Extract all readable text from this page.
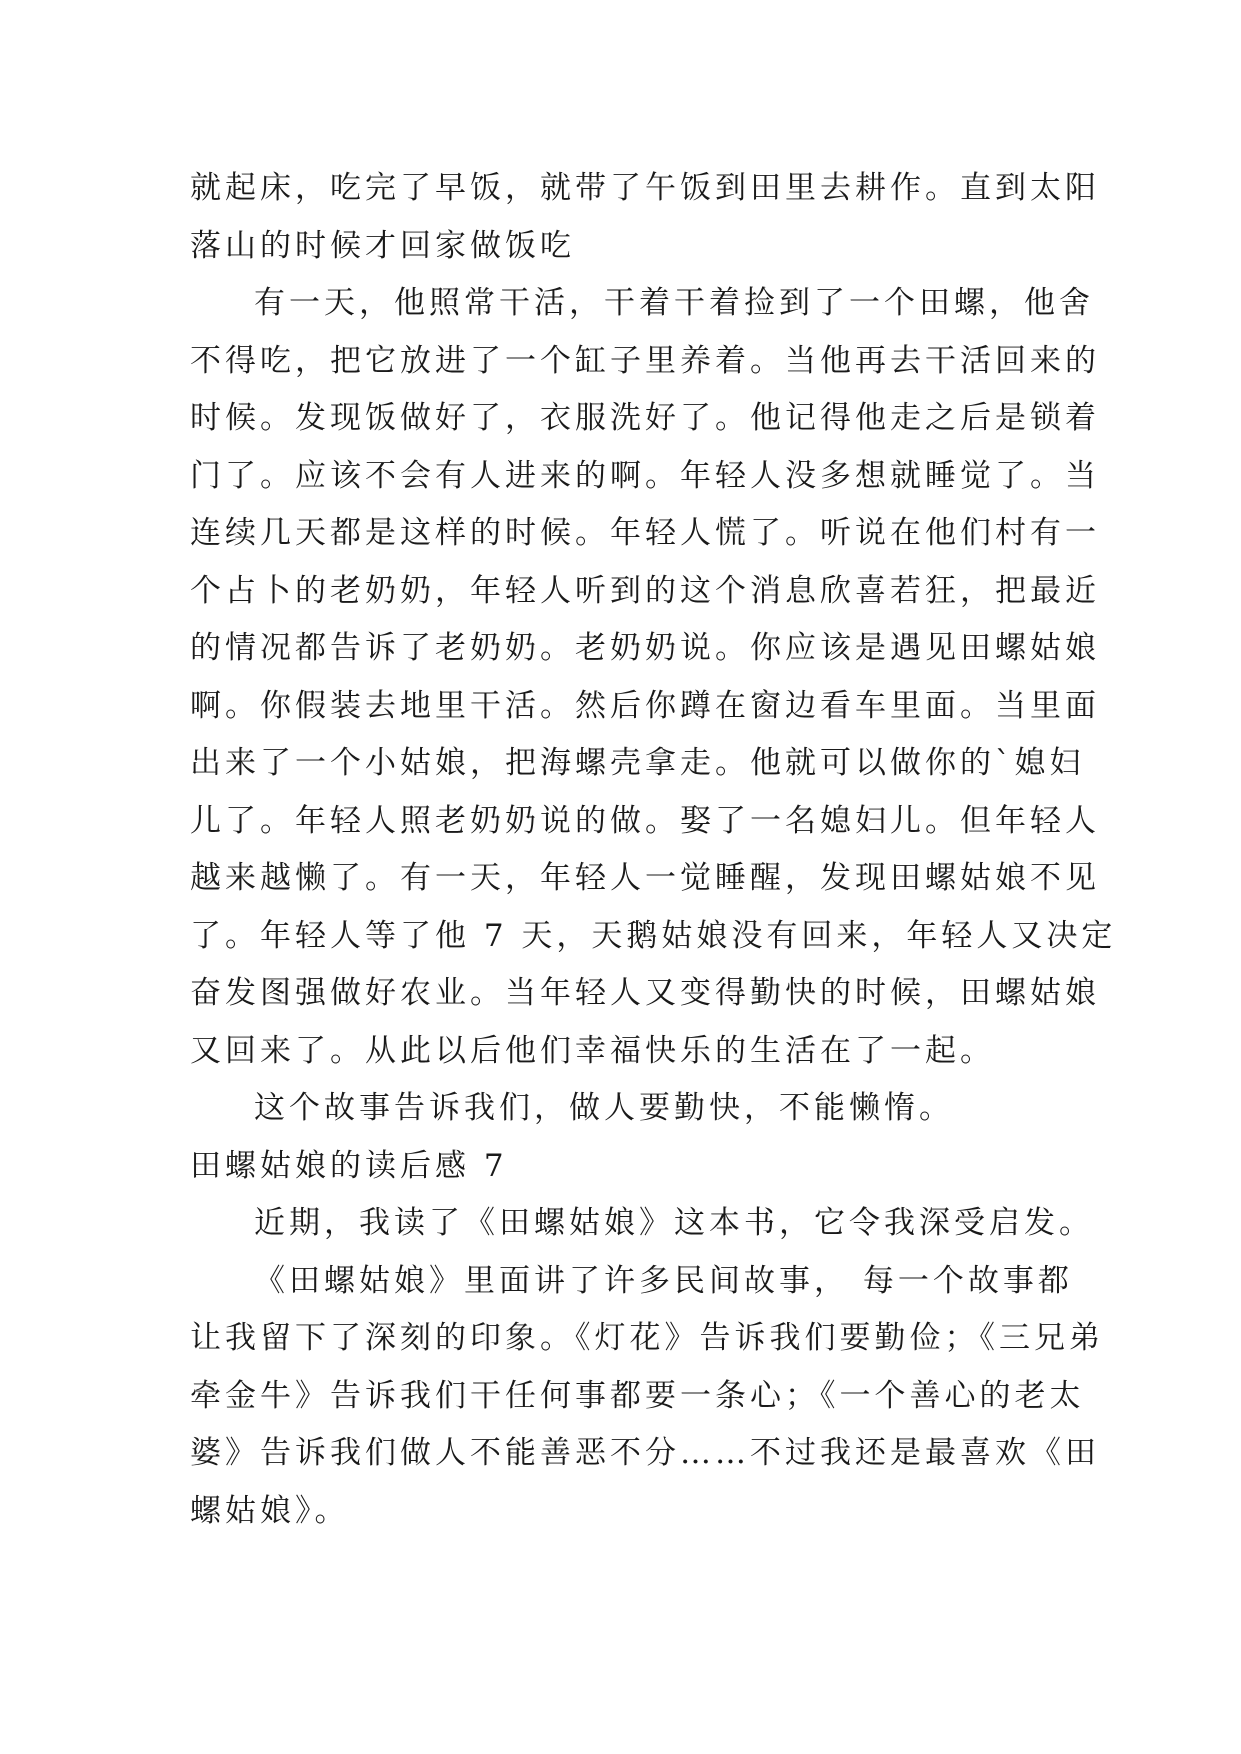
就起床，吃完了早饭，就带了午饭到田里去耕作。直到太阳
落山的时候才回家做饭吃
有一天，他照常干活，干着干着捡到了一个田螺，他舍
不得吃，把它放进了一个缸子里养着。当他再去干活回来的
时候。发现饭做好了，衣服洗好了。他记得他走之后是锁着
门了。应该不会有人进来的啊。年轻人没多想就睡觉了。当
连续几天都是这样的时候。年轻人慌了。听说在他们村有一
个占卜的老奶奶，年轻人听到的这个消息欣喜若狂，把最近
的情况都告诉了老奶奶。老奶奶说。你应该是遇见田螺姑娘
啊。你假装去地里干活。然后你蹲在窗边看车里面。当里面
出来了一个小姑娘，把海螺壳拿走。他就可以做你的`媳妇
儿了。年轻人照老奶奶说的做。娶了一名媳妇儿。但年轻人
越来越懒了。有一天，年轻人一觉睡醒，发现田螺姑娘不见
了。年轻人等了他 7 天，天鹅姑娘没有回来，年轻人又决定
奋发图强做好农业。当年轻人又变得勤快的时候，田螺姑娘
又回来了。从此以后他们幸福快乐的生活在了一起。
这个故事告诉我们，做人要勤快，不能懒惰。
田螺姑娘的读后感 7
近期，我读了《田螺姑娘》这本书，它令我深受启发。
《田螺姑娘》里面讲了许多民间故事， 每一个故事都
让我留下了深刻的印象。《灯花》告诉我们要勤俭；《三兄弟
牵金牛》告诉我们干任何事都要一条心；《一个善心的老太
婆》告诉我们做人不能善恶不分……不过我还是最喜欢《田
螺姑娘》。
